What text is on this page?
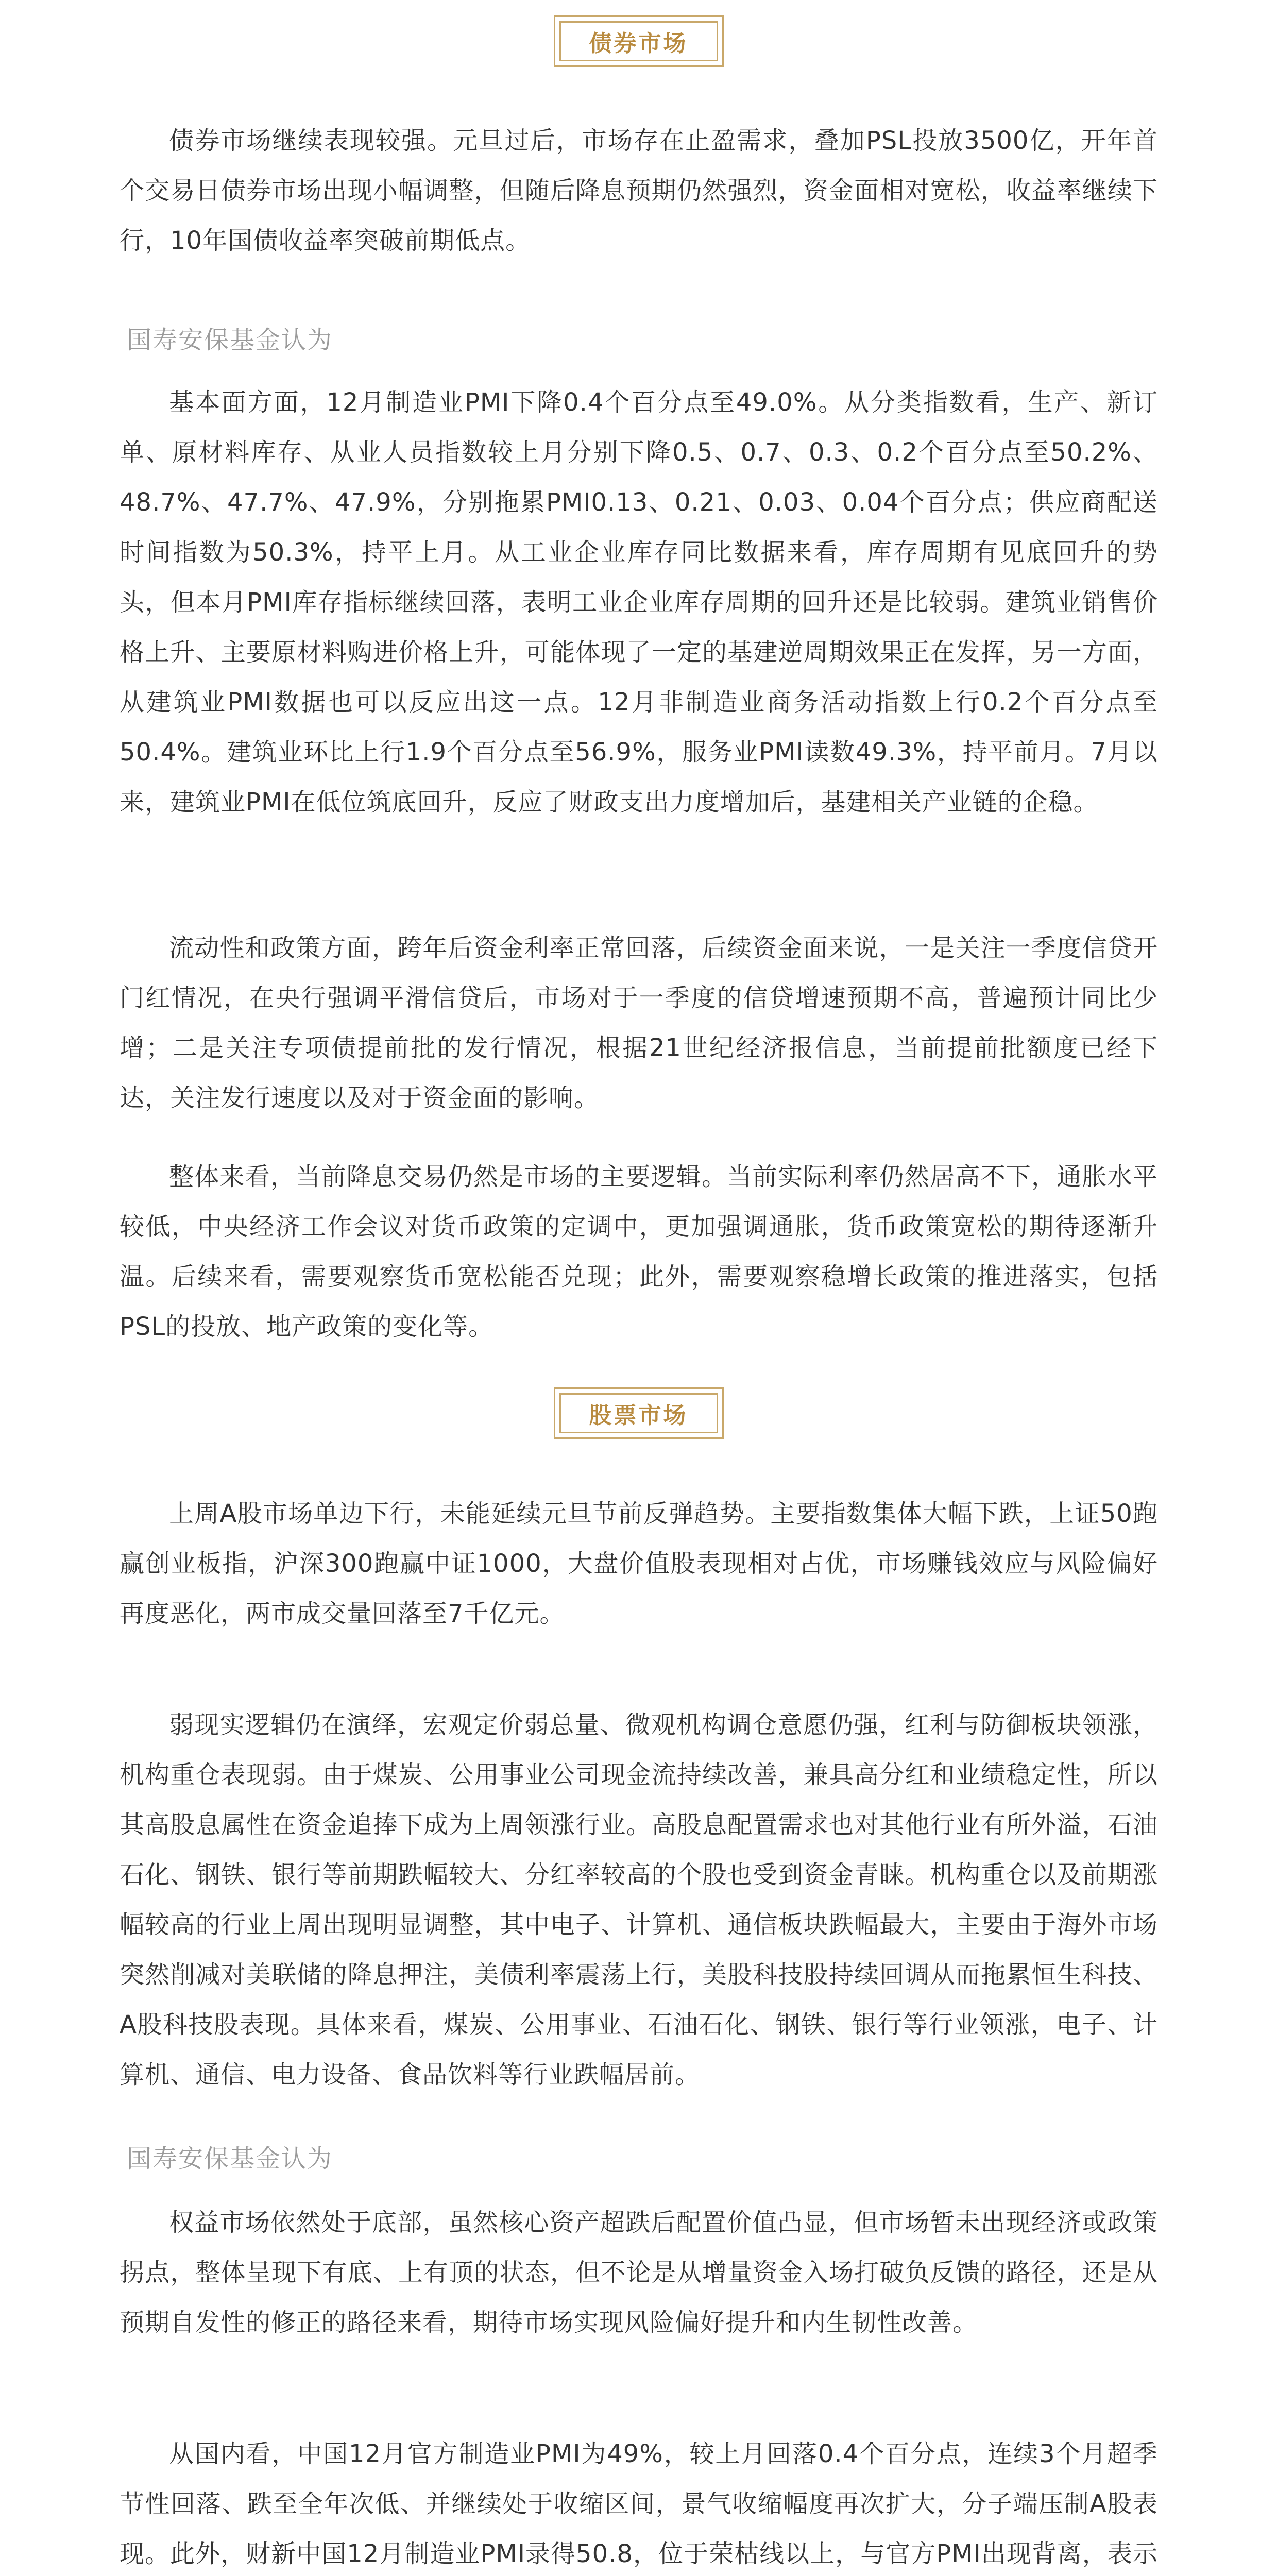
债券市场

债券市场继续表现较强。元旦过后，市场存在止盈需求，叠加PSL投放3500亿，开年首个交易日债券市场出现小幅调整，但随后降息预期仍然强烈，资金面相对宽松，收益率继续下行，10年国债收益率突破前期低点。

国寿安保基金认为

基本面方面，12月制造业PMI下降0.4个百分点至49.0%。从分类指数看，生产、新订单、原材料库存、从业人员指数较上月分别下降0.5、0.7、0.3、0.2个百分点至50.2%、48.7%、47.7%、47.9%，分别拖累PMI0.13、0.21、0.03、0.04个百分点；供应商配送时间指数为50.3%，持平上月。从工业企业库存同比数据来看，库存周期有见底回升的势头，但本月PMI库存指标继续回落，表明工业企业库存周期的回升还是比较弱。建筑业销售价格上升、主要原材料购进价格上升，可能体现了一定的基建逆周期效果正在发挥，另一方面，从建筑业PMI数据也可以反应出这一点。12月非制造业商务活动指数上行0.2个百分点至50.4%。建筑业环比上行1.9个百分点至56.9%，服务业PMI读数49.3%，持平前月。7月以来，建筑业PMI在低位筑底回升，反应了财政支出力度增加后，基建相关产业链的企稳。

流动性和政策方面，跨年后资金利率正常回落，后续资金面来说，一是关注一季度信贷开门红情况，在央行强调平滑信贷后，市场对于一季度的信贷增速预期不高，普遍预计同比少增；二是关注专项债提前批的发行情况，根据21世纪经济报信息，当前提前批额度已经下达，关注发行速度以及对于资金面的影响。

整体来看，当前降息交易仍然是市场的主要逻辑。当前实际利率仍然居高不下，通胀水平较低，中央经济工作会议对货币政策的定调中，更加强调通胀，货币政策宽松的期待逐渐升温。后续来看，需要观察货币宽松能否兑现；此外，需要观察稳增长政策的推进落实，包括PSL的投放、地产政策的变化等。

股票市场

上周A股市场单边下行，未能延续元旦节前反弹趋势。主要指数集体大幅下跌，上证50跑赢创业板指，沪深300跑赢中证1000，大盘价值股表现相对占优，市场赚钱效应与风险偏好再度恶化，两市成交量回落至7千亿元。

弱现实逻辑仍在演绎，宏观定价弱总量、微观机构调仓意愿仍强，红利与防御板块领涨，机构重仓表现弱。由于煤炭、公用事业公司现金流持续改善，兼具高分红和业绩稳定性，所以其高股息属性在资金追捧下成为上周领涨行业。高股息配置需求也对其他行业有所外溢，石油石化、钢铁、银行等前期跌幅较大、分红率较高的个股也受到资金青睐。机构重仓以及前期涨幅较高的行业上周出现明显调整，其中电子、计算机、通信板块跌幅最大，主要由于海外市场突然削减对美联储的降息押注，美债利率震荡上行，美股科技股持续回调从而拖累恒生科技、A股科技股表现。具体来看，煤炭、公用事业、石油石化、钢铁、银行等行业领涨，电子、计算机、通信、电力设备、食品饮料等行业跌幅居前。

国寿安保基金认为

权益市场依然处于底部，虽然核心资产超跌后配置价值凸显，但市场暂未出现经济或政策拐点，整体呈现下有底、上有顶的状态，但不论是从增量资金入场打破负反馈的路径，还是从预期自发性的修正的路径来看，期待市场实现风险偏好提升和内生韧性改善。

从国内看，中国12月官方制造业PMI为49%，较上月回落0.4个百分点，连续3个月超季节性回落、跌至全年次低、并继续处于收缩区间，景气收缩幅度再次扩大，分子端压制A股表现。此外，财新中国12月制造业PMI录得50.8，位于荣枯线以上，与官方PMI出现背离，表示
